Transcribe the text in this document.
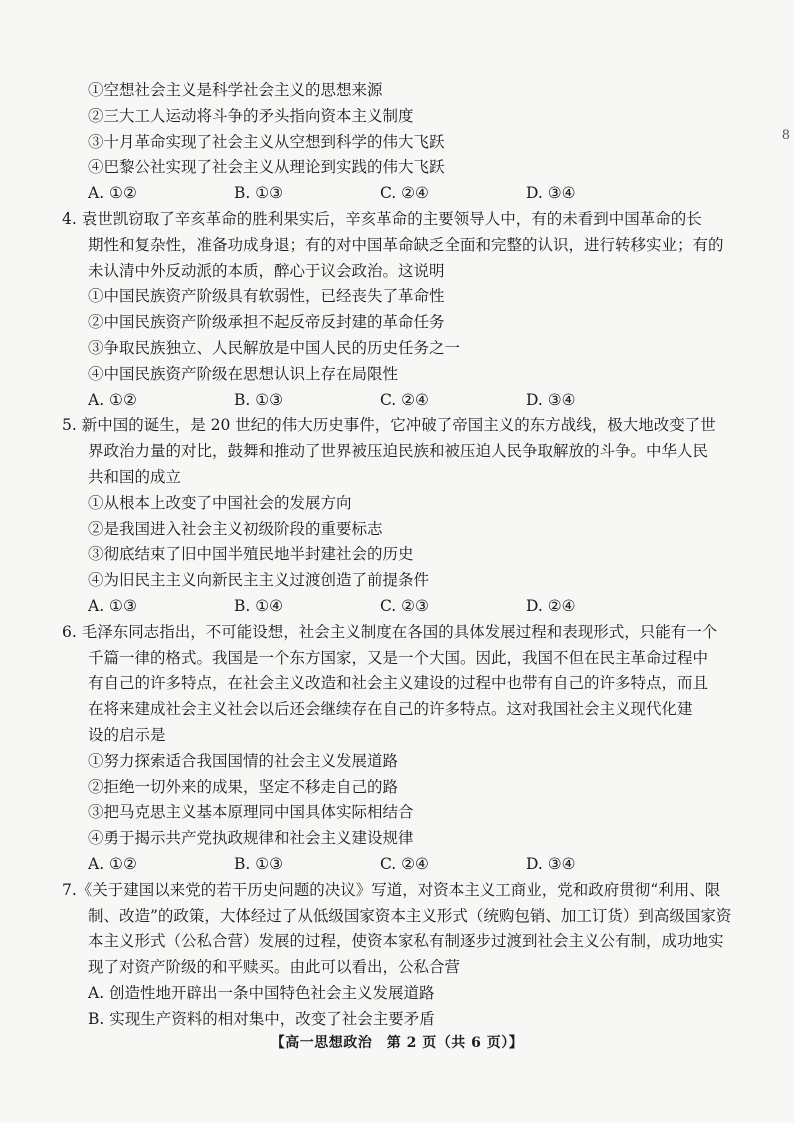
8
①空想社会主义是科学社会主义的思想来源
②三大工人运动将斗争的矛头指向资本主义制度
③十月革命实现了社会主义从空想到科学的伟大飞跃
④巴黎公社实现了社会主义从理论到实践的伟大飞跃
A. ①②	B. ①③	C. ②④	D. ③④
4. 袁世凯窃取了辛亥革命的胜利果实后，辛亥革命的主要领导人中，有的未看到中国革命的长
期性和复杂性，准备功成身退；有的对中国革命缺乏全面和完整的认识，进行转移实业；有的
未认清中外反动派的本质，醉心于议会政治。这说明
①中国民族资产阶级具有软弱性，已经丧失了革命性
②中国民族资产阶级承担不起反帝反封建的革命任务
③争取民族独立、人民解放是中国人民的历史任务之一
④中国民族资产阶级在思想认识上存在局限性
A. ①②	B. ①③	C. ②④	D. ③④
5. 新中国的诞生，是 20 世纪的伟大历史事件，它冲破了帝国主义的东方战线，极大地改变了世
界政治力量的对比，鼓舞和推动了世界被压迫民族和被压迫人民争取解放的斗争。中华人民
共和国的成立
①从根本上改变了中国社会的发展方向
②是我国进入社会主义初级阶段的重要标志
③彻底结束了旧中国半殖民地半封建社会的历史
④为旧民主主义向新民主主义过渡创造了前提条件
A. ①③	B. ①④	C. ②③	D. ②④
6. 毛泽东同志指出，不可能设想，社会主义制度在各国的具体发展过程和表现形式，只能有一个
千篇一律的格式。我国是一个东方国家，又是一个大国。因此，我国不但在民主革命过程中
有自己的许多特点，在社会主义改造和社会主义建设的过程中也带有自己的许多特点，而且
在将来建成社会主义社会以后还会继续存在自己的许多特点。这对我国社会主义现代化建
设的启示是
①努力探索适合我国国情的社会主义发展道路
②拒绝一切外来的成果，坚定不移走自己的路
③把马克思主义基本原理同中国具体实际相结合
④勇于揭示共产党执政规律和社会主义建设规律
A. ①②	B. ①③	C. ②④	D. ③④
7.《关于建国以来党的若干历史问题的决议》写道，对资本主义工商业，党和政府贯彻“利用、限
制、改造”的政策，大体经过了从低级国家资本主义形式（统购包销、加工订货）到高级国家资
本主义形式（公私合营）发展的过程，使资本家私有制逐步过渡到社会主义公有制，成功地实
现了对资产阶级的和平赎买。由此可以看出，公私合营
A. 创造性地开辟出一条中国特色社会主义发展道路
B. 实现生产资料的相对集中，改变了社会主要矛盾
【高一思想政治　第 2 页（共 6 页）】
